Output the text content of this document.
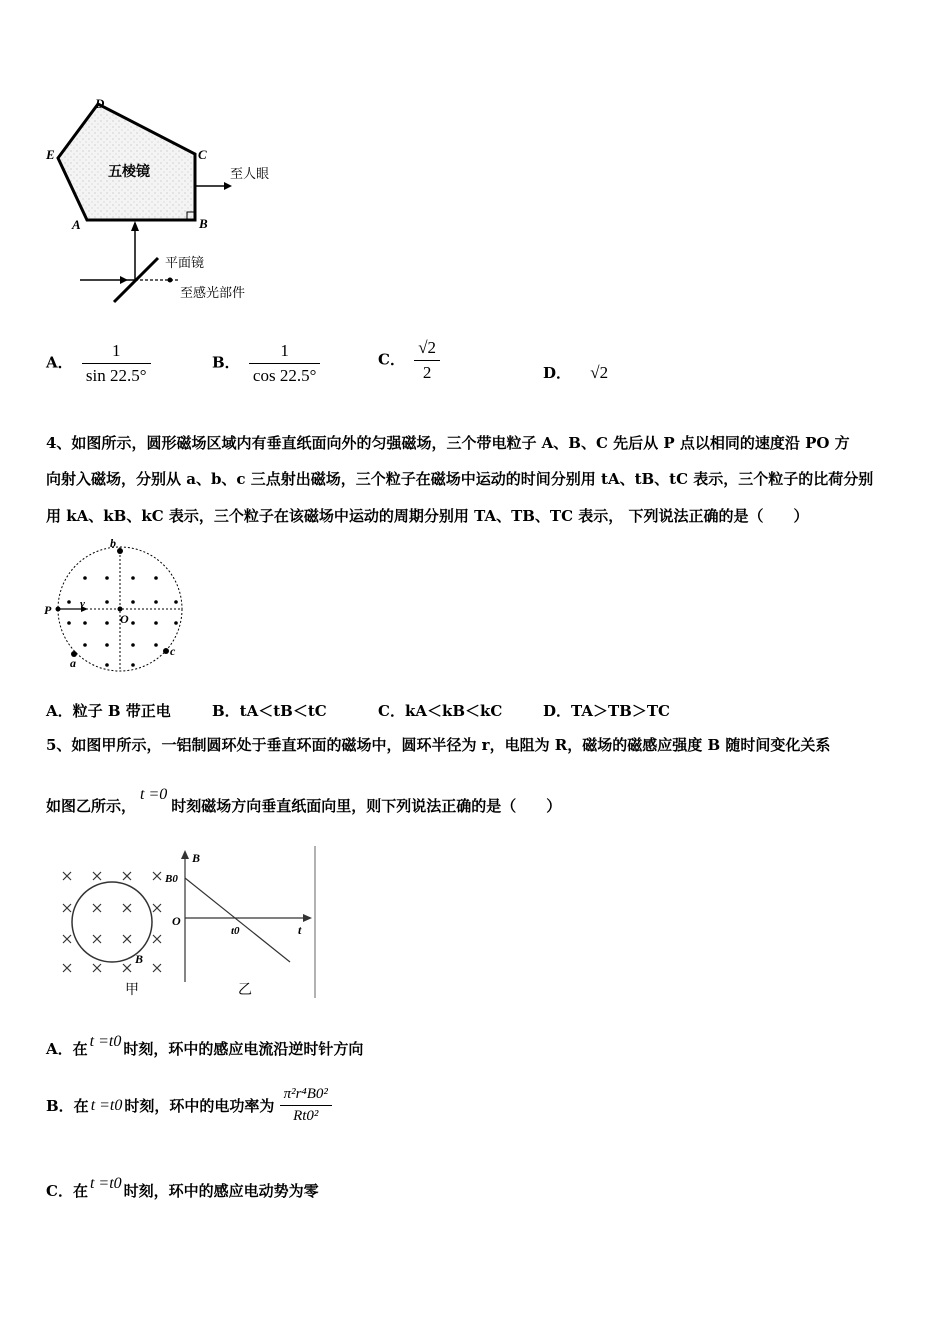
五棱镜
D
E	C
A	B
至人眼
平面镜
至感光部件
A． $\frac{1}{\sin 22.5^\circ}$	B． $\frac{1}{\cos 22.5^\circ}$	C． $\frac{√2}{2}$	D． √2
4、如图所示，圆形磁场区域内有垂直纸面向外的匀强磁场，三个带电粒子 A、B、C 先后从 P 点以相同的速度沿 PO 方
向射入磁场，分别从 a、b、c 三点射出磁场，三个粒子在磁场中运动的时间分别用 tA、tB、tC 表示，三个粒子的比荷分别
用 kA、kB、kC 表示，三个粒子在该磁场中运动的周期分别用 TA、TB、TC 表示， 下列说法正确的是（　　）
b
P	v
O
a
c
A．粒子 B 带正电	B．tA＜tB＜tC	C．kA＜kB＜kC	D．TA＞TB＞TC
5、如图甲所示，一铝制圆环处于垂直环面的磁场中，圆环半径为 r，电阻为 R，磁场的磁感应强度 B 随时间变化关系
如图乙所示，t =0时刻磁场方向垂直纸面向里，则下列说法正确的是（　　）
B
甲
B
B0
O
t0	t
乙
A．在 t =t0 时刻，环中的感应电流沿逆时针方向
B．在 t =t0 时刻，环中的电功率为 $\frac{\text{π²r⁴B0²}}{\text{Rt0²}}$
C．在 t =t0 时刻，环中的感应电动势为零
